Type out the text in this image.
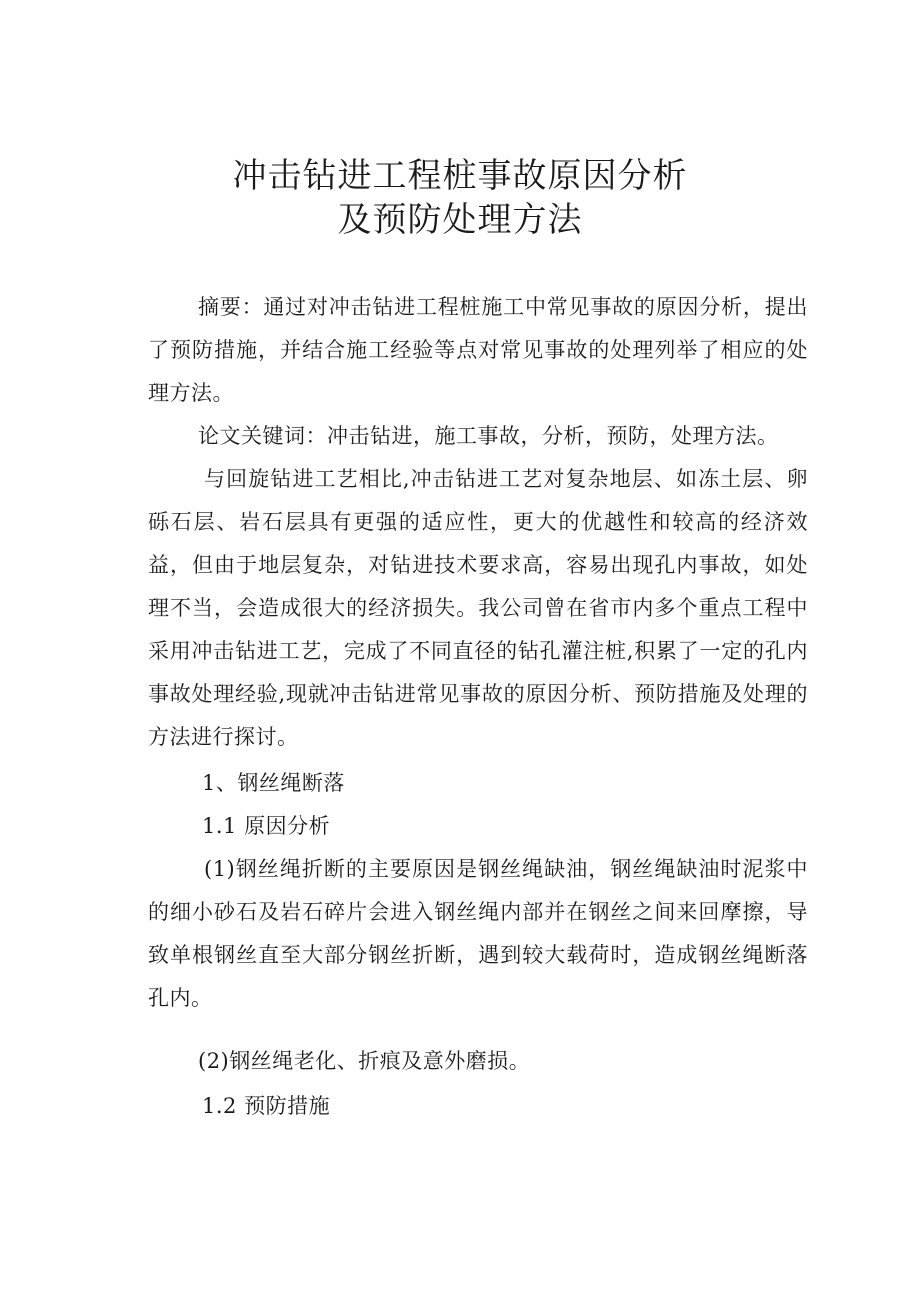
冲击钻进工程桩事故原因分析
及预防处理方法

摘要：通过对冲击钻进工程桩施工中常见事故的原因分析，提出了预防措施，并结合施工经验等点对常见事故的处理列举了相应的处理方法。

论文关键词：冲击钻进，施工事故，分析，预防，处理方法。

与回旋钻进工艺相比,冲击钻进工艺对复杂地层、如冻土层、卵砾石层、岩石层具有更强的适应性，更大的优越性和较高的经济效益，但由于地层复杂，对钻进技术要求高，容易出现孔内事故，如处理不当，会造成很大的经济损失。我公司曾在省市内多个重点工程中采用冲击钻进工艺，完成了不同直径的钻孔灌注桩,积累了一定的孔内事故处理经验,现就冲击钻进常见事故的原因分析、预防措施及处理的方法进行探讨。

1、钢丝绳断落

1.1 原因分析

(1)钢丝绳折断的主要原因是钢丝绳缺油，钢丝绳缺油时泥浆中的细小砂石及岩石碎片会进入钢丝绳内部并在钢丝之间来回摩擦，导致单根钢丝直至大部分钢丝折断，遇到较大载荷时，造成钢丝绳断落孔内。

(2)钢丝绳老化、折痕及意外磨损。

1.2 预防措施
